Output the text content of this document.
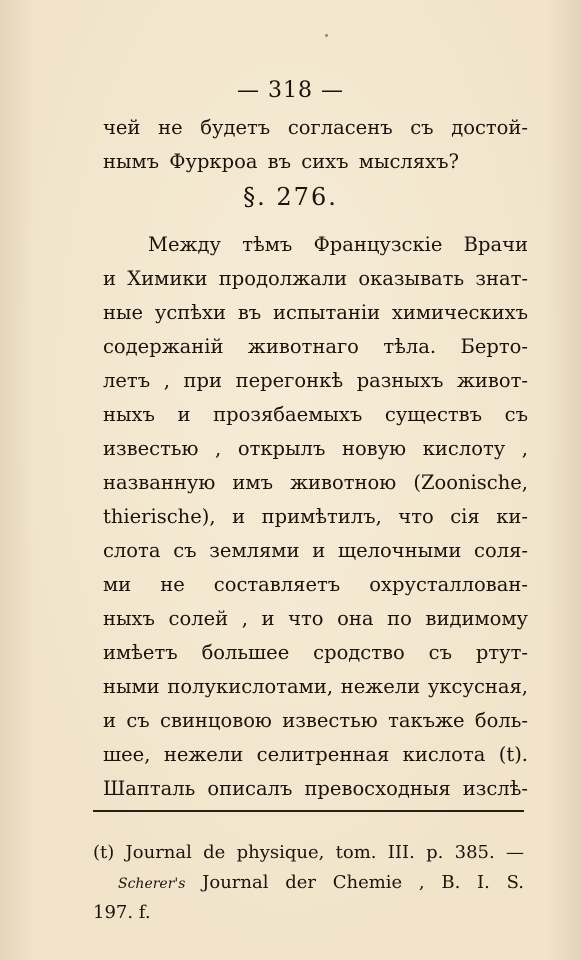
— 318 —
чей не будетъ согласенъ съ достой-
нымъ Фуркроа въ сихъ мысляхъ?
§. 276.
Между тѣмъ Французскіе Врачи
и Химики продолжали оказывать знат-
ные успѣхи въ испытаніи химическихъ
содержаній животнаго тѣла. Берто-
летъ , при перегонкѣ разныхъ живот-
ныхъ и прозябаемыхъ существъ съ
известью , открылъ новую кислоту ,
названную имъ животною (Zoonische,
thierische), и примѣтилъ, что сія ки-
слота съ землями и щелочными соля-
ми не составляетъ охрусталлован-
ныхъ солей , и что она по видимому
имѣетъ большее сродство съ ртут-
ными полукислотами, нежели уксусная,
и съ свинцовою известью такъже боль-
шее, нежели селитренная кислота (t).
Шапталь описалъ превосходныя изслѣ-
(t) Journal de physique, tom. III. p. 385. —
Scherer's Journal der Chemie , B. I. S.
197. f.
